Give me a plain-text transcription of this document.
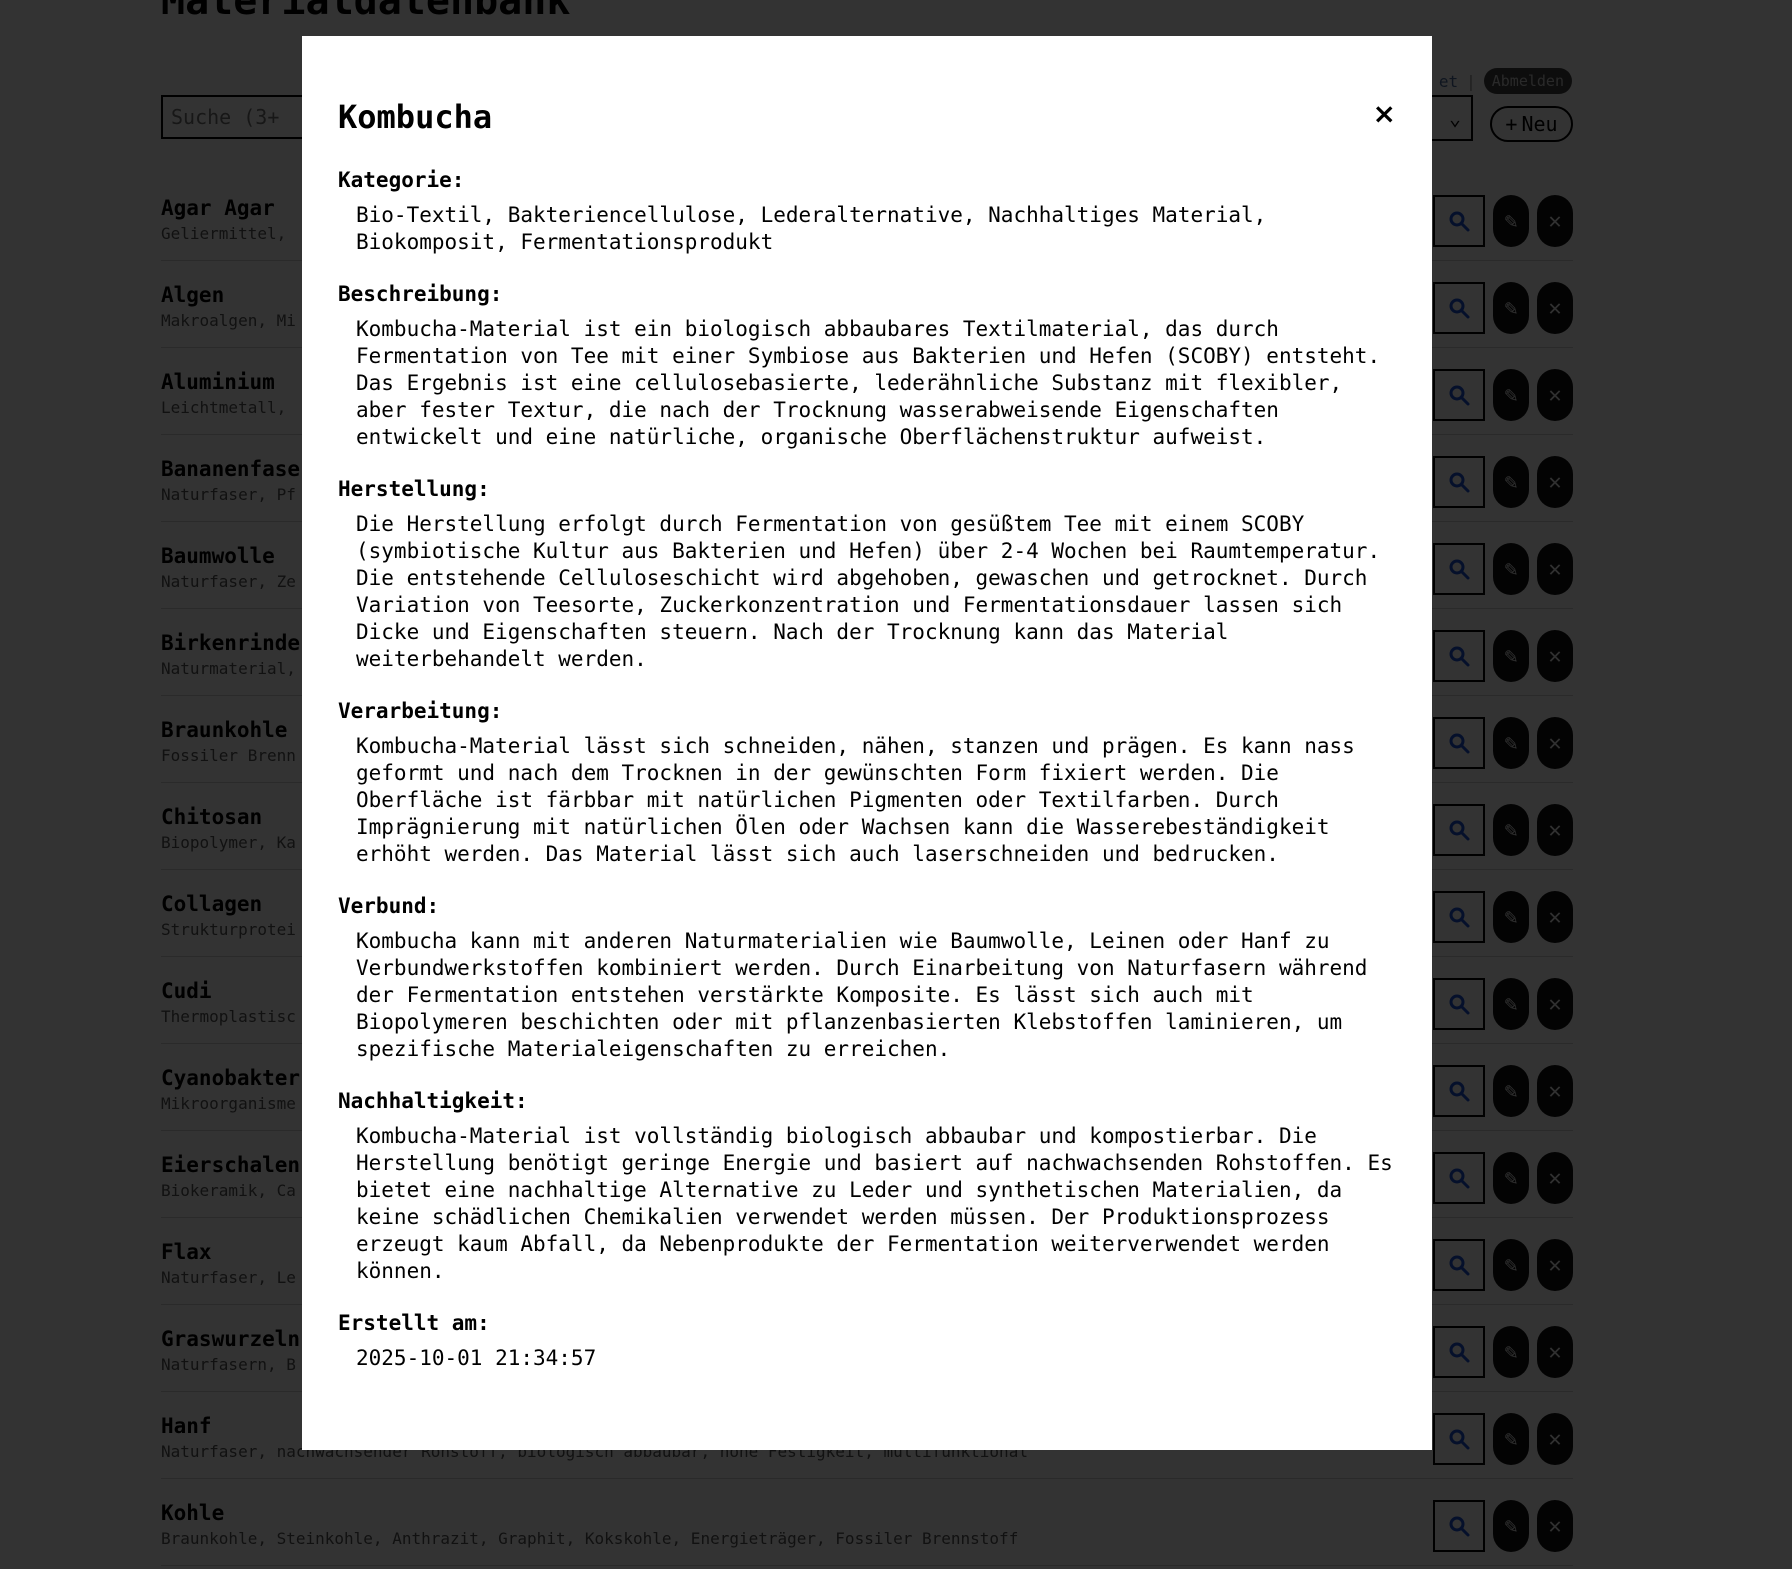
Suche (3+
×
Kombucha
Kategorie:
Bio-Textil, Bakteriencellulose, Lederalternative, Nachhaltiges Material,
Biokomposit, Fermentationsprodukt
Beschreibung:
Kombucha-Material ist ein biologisch abbaubares Textilmaterial, das durch
Fermentation von Tee mit einer Symbiose aus Bakterien und Hefen (SCOBY) entsteht.
Das Ergebnis ist eine cellulosebasierte, lederähnliche Substanz mit flexibler,
aber fester Textur, die nach der Trocknung wasserabweisende Eigenschaften
entwickelt und eine natürliche, organische Oberflächenstruktur aufweist.
Herstellung:
Die Herstellung erfolgt durch Fermentation von gesüßtem Tee mit einem SCOBY
(symbiotische Kultur aus Bakterien und Hefen) über 2-4 Wochen bei Raumtemperatur.
Die entstehende Celluloseschicht wird abgehoben, gewaschen und getrocknet. Durch
Variation von Teesorte, Zuckerkonzentration und Fermentationsdauer lassen sich
Dicke und Eigenschaften steuern. Nach der Trocknung kann das Material
weiterbehandelt werden.
Verarbeitung:
Kombucha-Material lässt sich schneiden, nähen, stanzen und prägen. Es kann nass
geformt und nach dem Trocknen in der gewünschten Form fixiert werden. Die
Oberfläche ist färbbar mit natürlichen Pigmenten oder Textilfarben. Durch
Imprägnierung mit natürlichen Ölen oder Wachsen kann die Wasserebeständigkeit
erhöht werden. Das Material lässt sich auch laserschneiden und bedrucken.
Verbund:
Kombucha kann mit anderen Naturmaterialien wie Baumwolle, Leinen oder Hanf zu
Verbundwerkstoffen kombiniert werden. Durch Einarbeitung von Naturfasern während
der Fermentation entstehen verstärkte Komposite. Es lässt sich auch mit
Biopolymeren beschichten oder mit pflanzenbasierten Klebstoffen laminieren, um
spezifische Materialeigenschaften zu erreichen.
Nachhaltigkeit:
Kombucha-Material ist vollständig biologisch abbaubar und kompostierbar. Die
Herstellung benötigt geringe Energie und basiert auf nachwachsenden Rohstoffen. Es
bietet eine nachhaltige Alternative zu Leder und synthetischen Materialien, da
keine schädlichen Chemikalien verwendet werden müssen. Der Produktionsprozess
erzeugt kaum Abfall, da Nebenprodukte der Fermentation weiterverwendet werden
können.
Erstellt am:
2025-10-01 21:34:57
